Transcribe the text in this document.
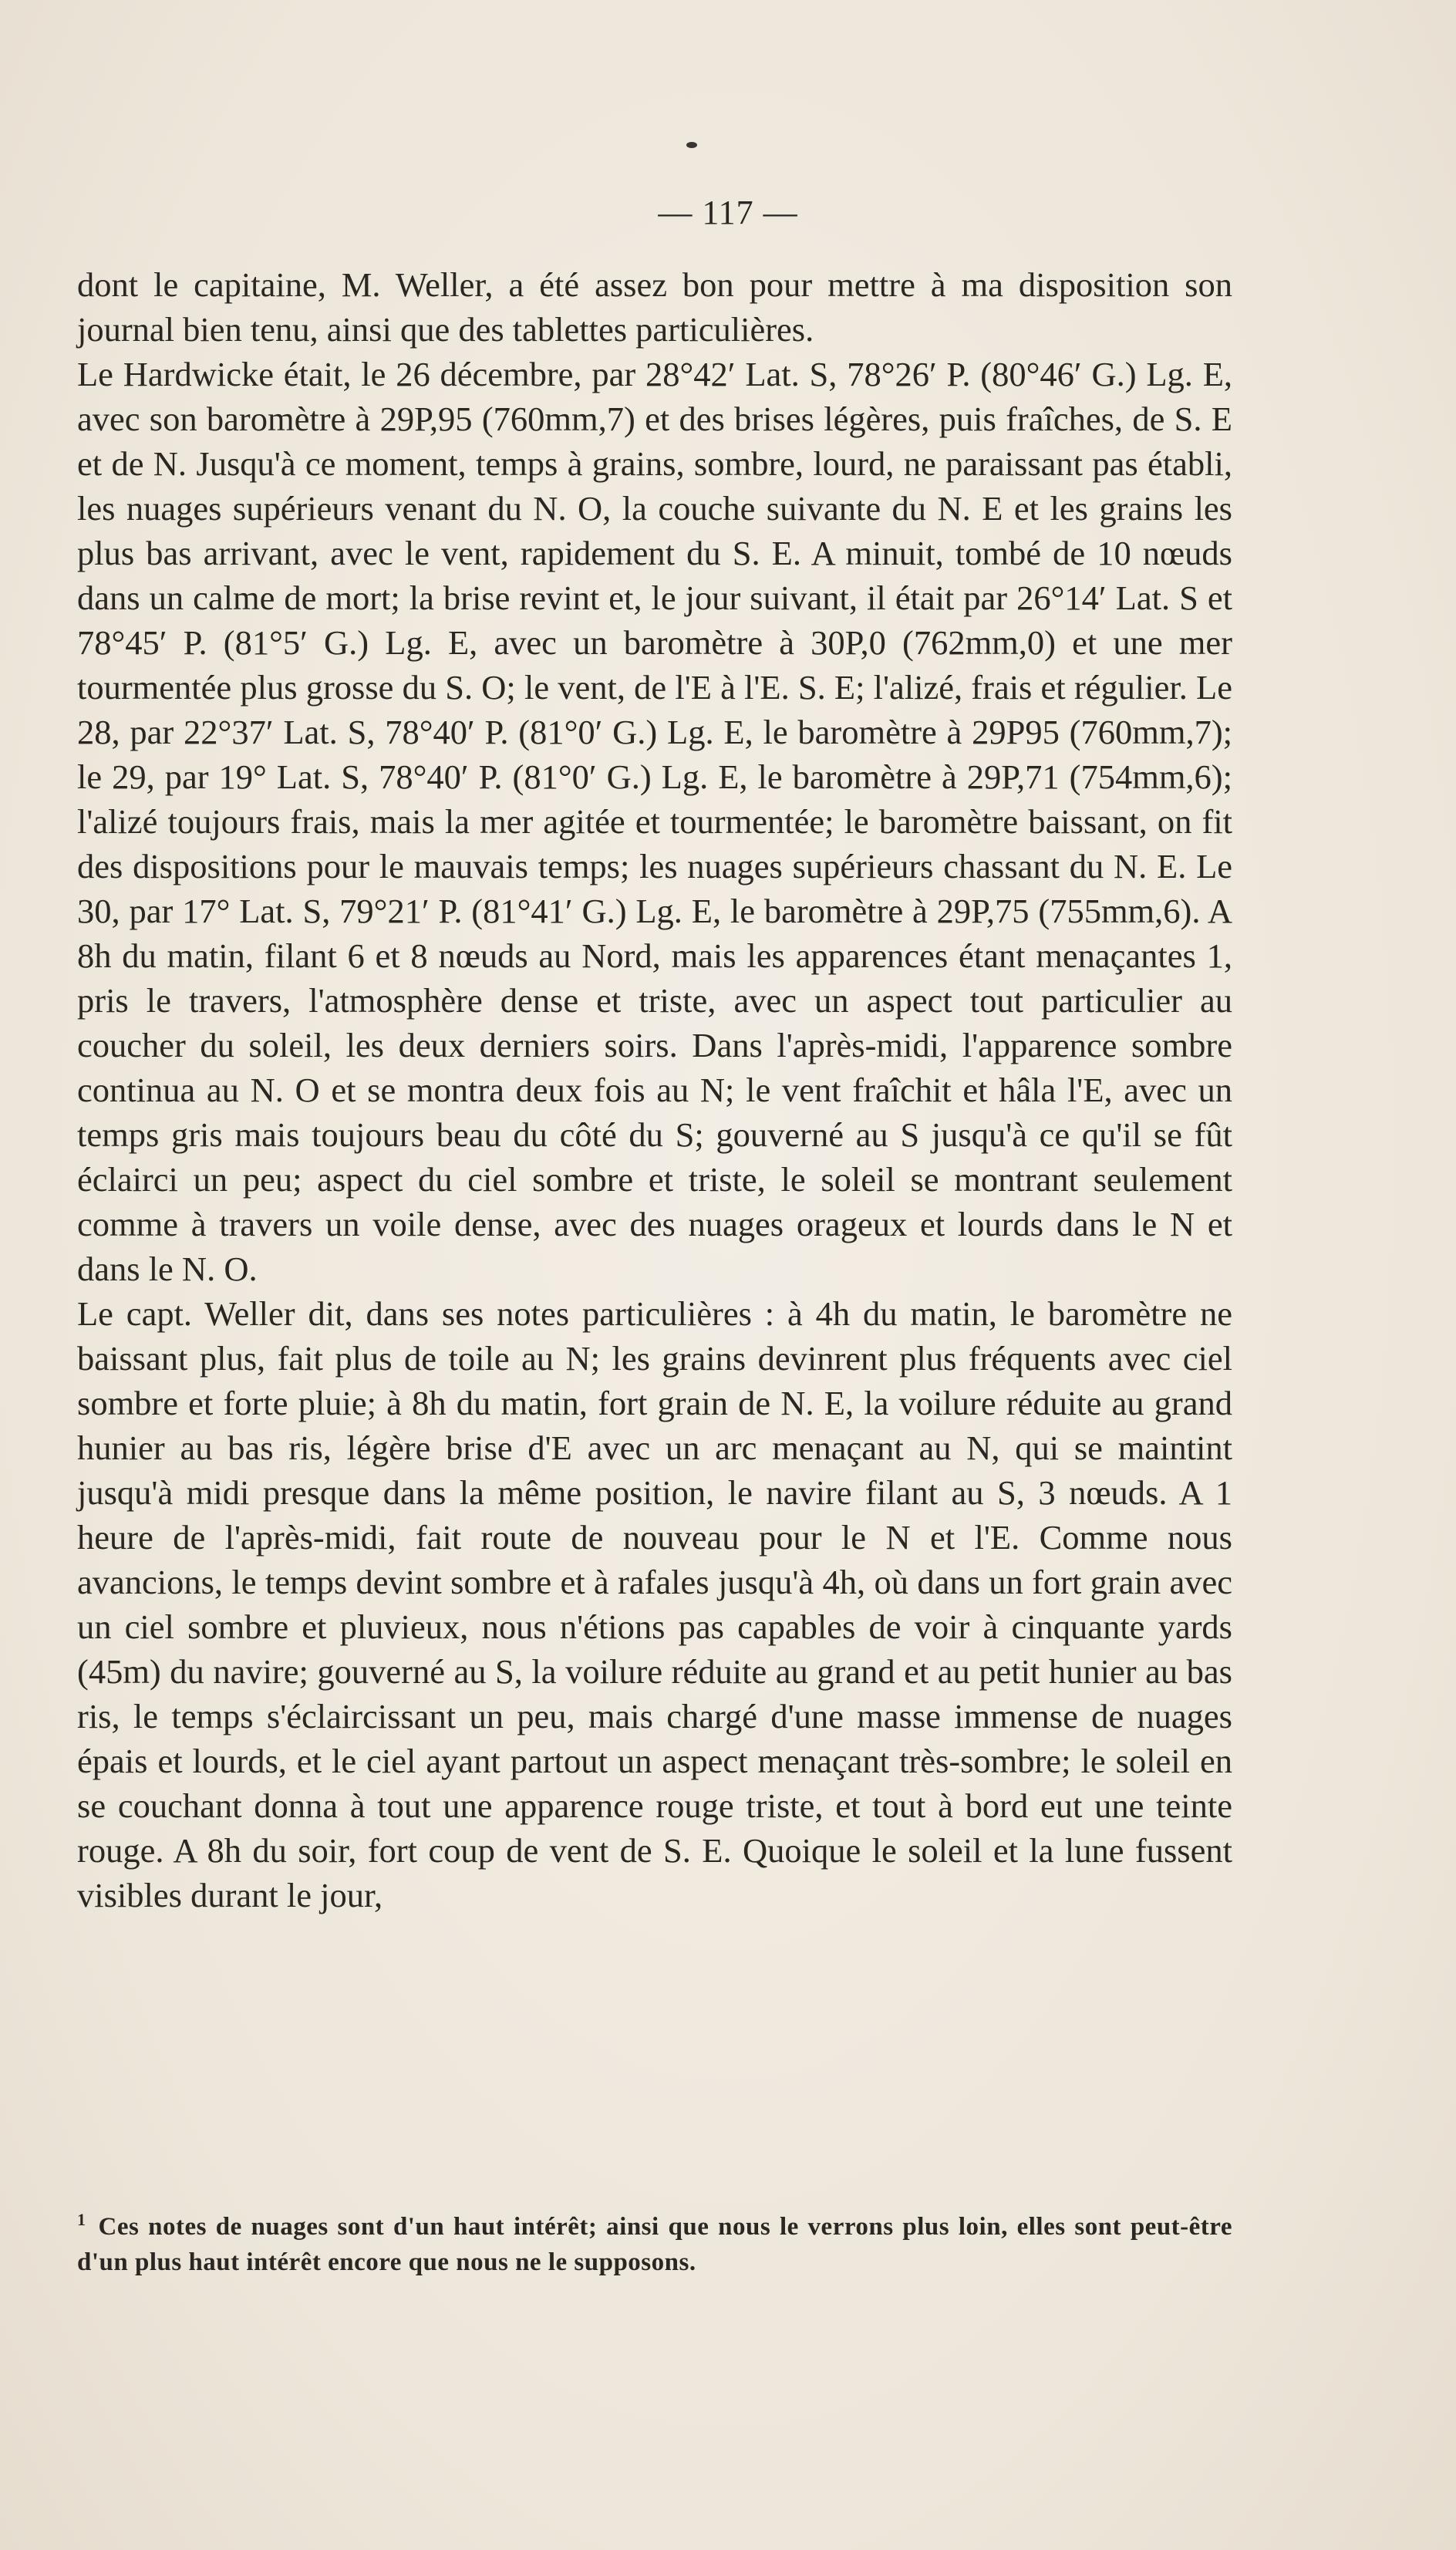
— 117 —

dont le capitaine, M. Weller, a été assez bon pour mettre à ma disposition son journal bien tenu, ainsi que des tablettes particulières.

Le Hardwicke était, le 26 décembre, par 28°42′ Lat. S, 78°26′ P. (80°46′ G.) Lg. E, avec son baromètre à 29P,95 (760mm,7) et des brises légères, puis fraîches, de S. E et de N. Jusqu'à ce moment, temps à grains, sombre, lourd, ne paraissant pas établi, les nuages supérieurs venant du N. O, la couche suivante du N. E et les grains les plus bas arrivant, avec le vent, rapidement du S. E. A minuit, tombé de 10 nœuds dans un calme de mort; la brise revint et, le jour suivant, il était par 26°14′ Lat. S et 78°45′ P. (81°5′ G.) Lg. E, avec un baromètre à 30P,0 (762mm,0) et une mer tourmentée plus grosse du S. O; le vent, de l'E à l'E. S. E; l'alizé, frais et régulier. Le 28, par 22°37′ Lat. S, 78°40′ P. (81°0′ G.) Lg. E, le baromètre à 29P95 (760mm,7); le 29, par 19° Lat. S, 78°40′ P. (81°0′ G.) Lg. E, le baromètre à 29P,71 (754mm,6); l'alizé toujours frais, mais la mer agitée et tourmentée; le baromètre baissant, on fit des dispositions pour le mauvais temps; les nuages supérieurs chassant du N. E. Le 30, par 17° Lat. S, 79°21′ P. (81°41′ G.) Lg. E, le baromètre à 29P,75 (755mm,6). A 8h du matin, filant 6 et 8 nœuds au Nord, mais les apparences étant menaçantes 1, pris le travers, l'atmosphère dense et triste, avec un aspect tout particulier au coucher du soleil, les deux derniers soirs. Dans l'après-midi, l'apparence sombre continua au N. O et se montra deux fois au N; le vent fraîchit et hâla l'E, avec un temps gris mais toujours beau du côté du S; gouverné au S jusqu'à ce qu'il se fût éclairci un peu; aspect du ciel sombre et triste, le soleil se montrant seulement comme à travers un voile dense, avec des nuages orageux et lourds dans le N et dans le N. O.

Le capt. Weller dit, dans ses notes particulières : à 4h du matin, le baromètre ne baissant plus, fait plus de toile au N; les grains devinrent plus fréquents avec ciel sombre et forte pluie; à 8h du matin, fort grain de N. E, la voilure réduite au grand hunier au bas ris, légère brise d'E avec un arc menaçant au N, qui se maintint jusqu'à midi presque dans la même position, le navire filant au S, 3 nœuds. A 1 heure de l'après-midi, fait route de nouveau pour le N et l'E. Comme nous avancions, le temps devint sombre et à rafales jusqu'à 4h, où dans un fort grain avec un ciel sombre et pluvieux, nous n'étions pas capables de voir à cinquante yards (45m) du navire; gouverné au S, la voilure réduite au grand et au petit hunier au bas ris, le temps s'éclaircissant un peu, mais chargé d'une masse immense de nuages épais et lourds, et le ciel ayant partout un aspect menaçant très-sombre; le soleil en se couchant donna à tout une apparence rouge triste, et tout à bord eut une teinte rouge. A 8h du soir, fort coup de vent de S. E. Quoique le soleil et la lune fussent visibles durant le jour,

$^1$ Ces notes de nuages sont d'un haut intérêt; ainsi que nous le verrons plus loin, elles sont peut-être d'un plus haut intérêt encore que nous ne le supposons.
